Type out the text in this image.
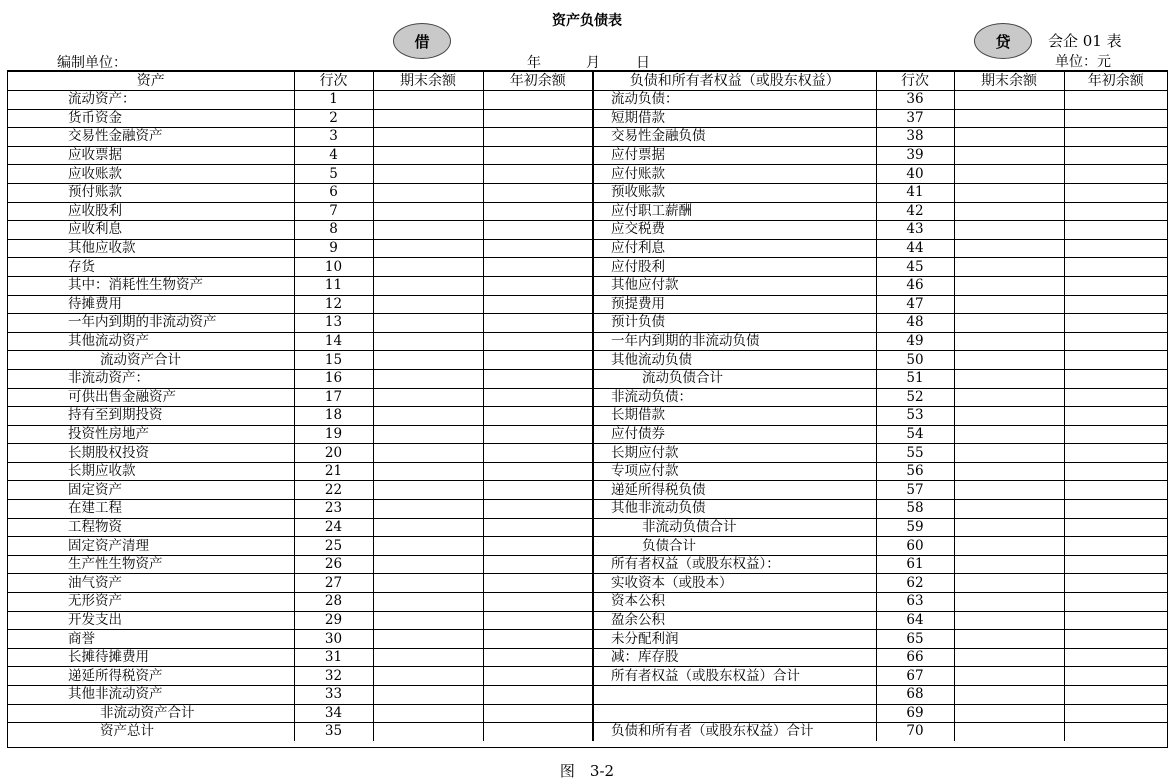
资产负债表
借	贷
编制单位：	年	月	日
会企 01 表
单位：元
资产	行次	期末余额	年初余额	负债和所有者权益（或股东权益）	行次	期末余额	年初余额
流动资产：	1			流动负债：	36		
货币资金	2			短期借款	37		
交易性金融资产	3			交易性金融负债	38		
应收票据	4			应付票据	39		
应收账款	5			应付账款	40		
预付账款	6			预收账款	41		
应收股利	7			应付职工薪酬	42		
应收利息	8			应交税费	43		
其他应收款	9			应付利息	44		
存货	10			应付股利	45		
其中：消耗性生物资产	11			其他应付款	46		
待摊费用	12			预提费用	47		
一年内到期的非流动资产	13			预计负债	48		
其他流动资产	14			一年内到期的非流动负债	49		
流动资产合计	15			其他流动负债	50		
非流动资产：	16			流动负债合计	51		
可供出售金融资产	17			非流动负债：	52		
持有至到期投资	18			长期借款	53		
投资性房地产	19			应付债券	54		
长期股权投资	20			长期应付款	55		
长期应收款	21			专项应付款	56		
固定资产	22			递延所得税负债	57		
在建工程	23			其他非流动负债	58		
工程物资	24			非流动负债合计	59		
固定资产清理	25			负债合计	60		
生产性生物资产	26			所有者权益（或股东权益）：	61		
油气资产	27			实收资本（或股本）	62		
无形资产	28			资本公积	63		
开发支出	29			盈余公积	64		
商誉	30			未分配利润	65		
长摊待摊费用	31			减：库存股	66		
递延所得税资产	32			所有者权益（或股东权益）合计	67		
其他非流动资产	33				68		
非流动资产合计	34				69		
资产总计	35			负债和所有者（或股东权益）合计	70		
图　3-2
